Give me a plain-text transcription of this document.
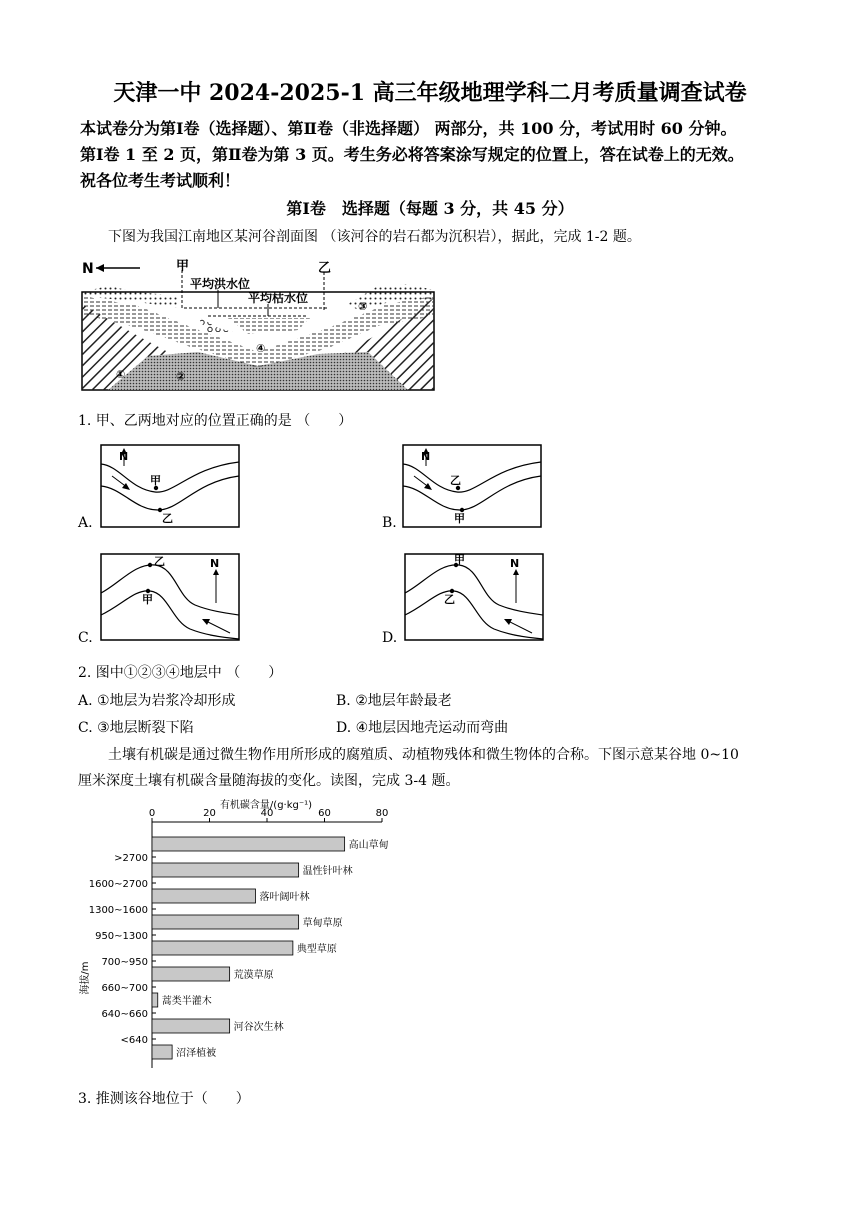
天津一中 2024-2025-1 高三年级地理学科二月考质量调查试卷
本试卷分为第Ⅰ卷（选择题）、第Ⅱ卷（非选择题） 两部分，共 100 分，考试用时 60 分钟。
第Ⅰ卷 1 至 2 页，第Ⅱ卷为第 3 页。考生务必将答案涂写规定的位置上，答在试卷上的无效。
祝各位考生考试顺利！
第Ⅰ卷　选择题（每题 3 分，共 45 分）
下图为我国江南地区某河谷剖面图 （该河谷的岩石都为沉积岩），据此，完成 1-2 题。
N	甲	乙
平均洪水位
平均枯水位
①	②
③
④
1. 甲、乙两地对应的位置正确的是 （　　）
A.
N
甲
乙	B.
N
乙
甲
C.
N
乙
甲
D.
N
甲
乙
2. 图中①②③④地层中 （　　）
A. ①地层为岩浆冷却形成	B. ②地层年龄最老
C. ③地层断裂下陷	D. ④地层因地壳运动而弯曲
土壤有机碳是通过微生物作用所形成的腐殖质、动植物残体和微生物体的合称。下图示意某谷地 0~10
厘米深度土壤有机碳含量随海拔的变化。读图，完成 3-4 题。
有机碳含量/(g·kg⁻¹)
0	20	40	60	80
高山草甸
温性针叶林
落叶阔叶林
草甸草原
典型草原
荒漠草原
蒿类半灌木
河谷次生林
沼泽植被
>2700
1600~2700
1300~1600
950~1300
700~950
660~700
640~660
<640
海拔/m
3. 推测该谷地位于（　　）
